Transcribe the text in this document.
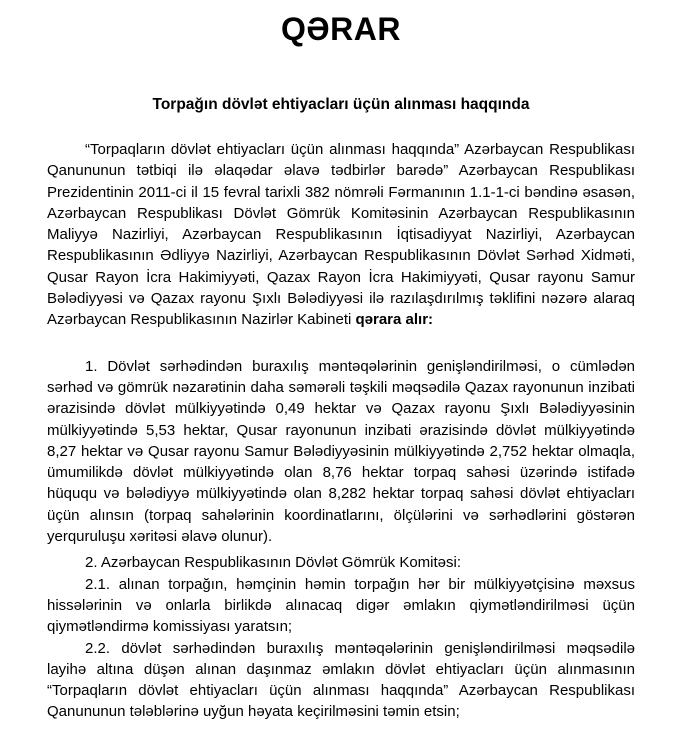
QƏRAR
Torpağın dövlət ehtiyacları üçün alınması haqqında

“Torpaqların dövlət ehtiyacları üçün alınması haqqında” Azərbaycan Respublikası Qanununun tətbiqi ilə əlaqədar əlavə tədbirlər barədə” Azərbaycan Respublikası Prezidentinin 2011-ci il 15 fevral tarixli 382 nömrəli Fərmanının 1.1-1-ci bəndinə əsasən, Azərbaycan Respublikası Dövlət Gömrük Komitəsinin Azərbaycan Respublikasının Maliyyə Nazirliyi, Azərbaycan Respublikasının İqtisadiyyat Nazirliyi, Azərbaycan Respublikasının Ədliyyə Nazirliyi, Azərbaycan Respublikasının Dövlət Sərhəd Xidməti, Qusar Rayon İcra Hakimiyyəti, Qazax Rayon İcra Hakimiyyəti, Qusar rayonu Samur Bələdiyyəsi və Qazax rayonu Şıxlı Bələdiyyəsi ilə razılaşdırılmış təklifini nəzərə alaraq Azərbaycan Respublikasının Nazirlər Kabineti qərara alır:

1. Dövlət sərhədindən buraxılış məntəqələrinin genişləndirilməsi, o cümlədən sərhəd və gömrük nəzarətinin daha səmərəli təşkili məqsədilə Qazax rayonunun inzibati ərazisində dövlət mülkiyyətində 0,49 hektar və Qazax rayonu Şıxlı Bələdiyyəsinin mülkiyyətində 5,53 hektar, Qusar rayonunun inzibati ərazisində dövlət mülkiyyətində 8,27 hektar və Qusar rayonu Samur Bələdiyyəsinin mülkiyyətində 2,752 hektar olmaqla, ümumilikdə dövlət mülkiyyətində olan 8,76 hektar torpaq sahəsi üzərində istifadə hüququ və bələdiyyə mülkiyyətində olan 8,282 hektar torpaq sahəsi dövlət ehtiyacları üçün alınsın (torpaq sahələrinin koordinatlarını, ölçülərini və sərhədlərini göstərən yerquruluşu xəritəsi əlavə olunur).

2. Azərbaycan Respublikasının Dövlət Gömrük Komitəsi:

2.1. alınan torpağın, həmçinin həmin torpağın hər bir mülkiyyətçisinə məxsus hissələrinin və onlarla birlikdə alınacaq digər əmlakın qiymətləndirilməsi üçün qiymətləndirmə komissiyası yaratsın;

2.2. dövlət sərhədindən buraxılış məntəqələrinin genişləndirilməsi məqsədilə layihə altına düşən alınan daşınmaz əmlakın dövlət ehtiyacları üçün alınmasının “Torpaqların dövlət ehtiyacları üçün alınması haqqında” Azərbaycan Respublikası Qanununun tələblərinə uyğun həyata keçirilməsini təmin etsin;
